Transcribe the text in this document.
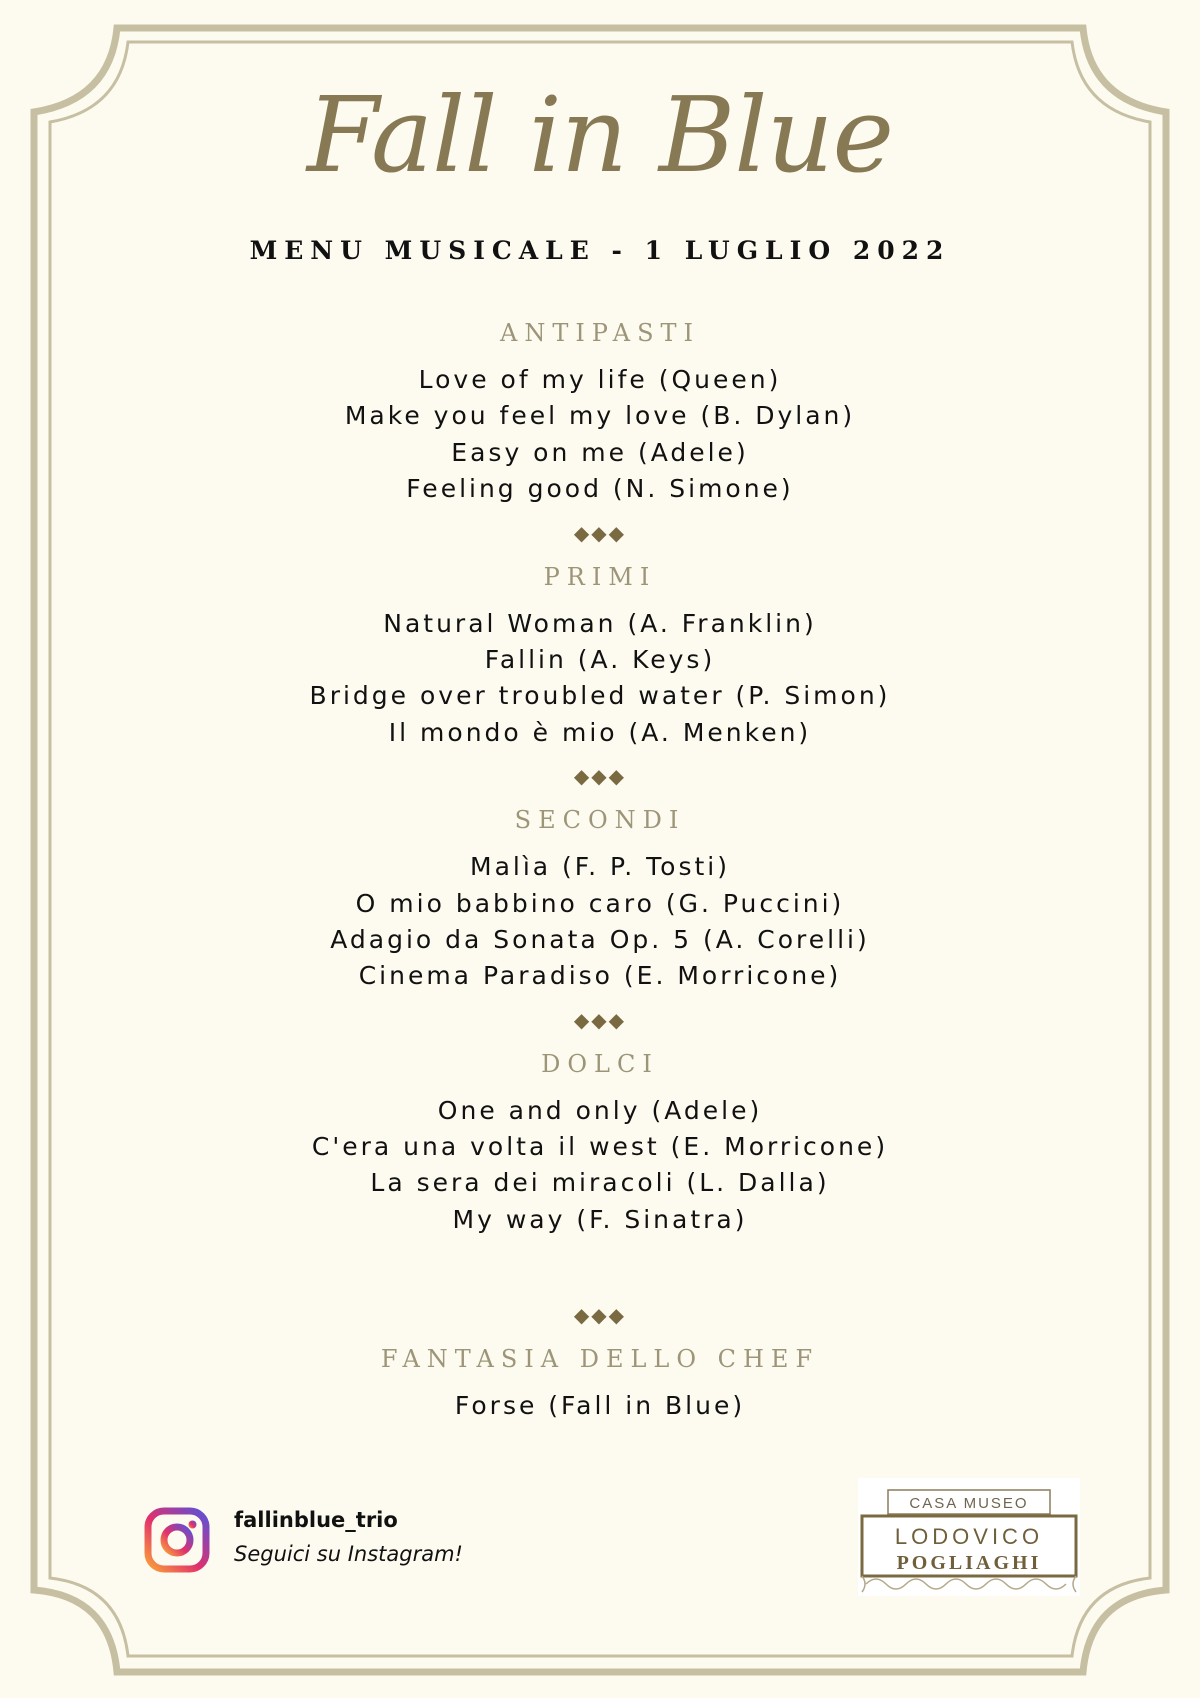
Fall in Blue
MENU MUSICALE - 1 LUGLIO 2022
ANTIPASTI
Love of my life (Queen)
Make you feel my love (B. Dylan)
Easy on me (Adele)
Feeling good (N. Simone)
◆◆◆
PRIMI
Natural Woman (A. Franklin)
Fallin (A. Keys)
Bridge over troubled water (P. Simon)
Il mondo è mio (A. Menken)
◆◆◆
SECONDI
Malìa (F. P. Tosti)
O mio babbino caro (G. Puccini)
Adagio da Sonata Op. 5 (A. Corelli)
Cinema Paradiso (E. Morricone)
◆◆◆
DOLCI
One and only (Adele)
C'era una volta il west (E. Morricone)
La sera dei miracoli (L. Dalla)
My way (F. Sinatra)
◆◆◆
FANTASIA DELLO CHEF
Forse (Fall in Blue)
fallinblue_trio
Seguici su Instagram!
CASA MUSEO
LODOVICO
POGLIAGHI
